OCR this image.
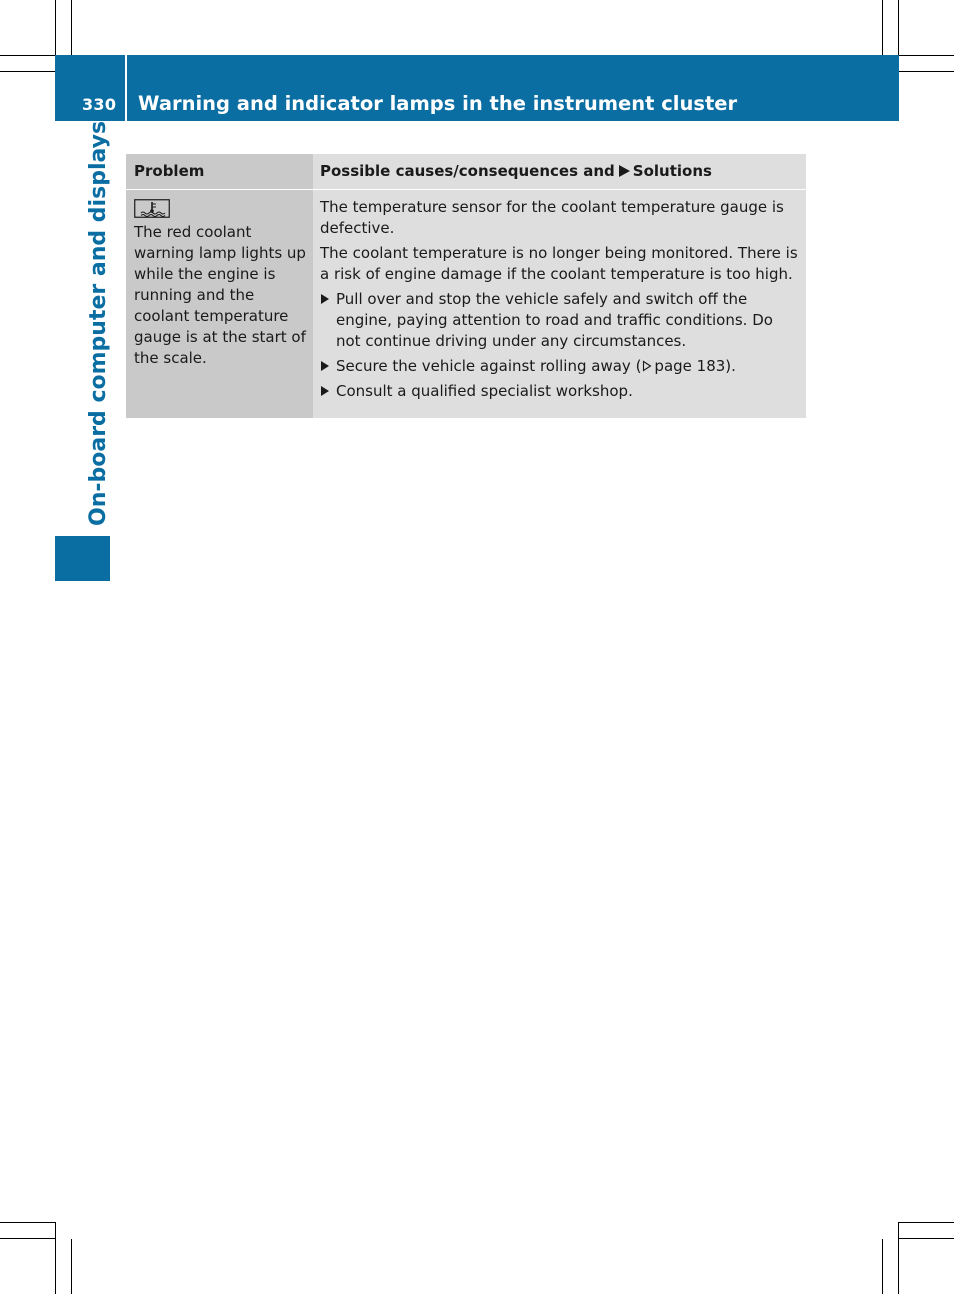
330 Warning and indicator lamps in the instrument cluster
On-board computer and displays	Problem	Possible causes/consequences and Solutions
The red coolant warning lamp lights up while the engine is running and the coolant temperature gauge is at the start of the scale.

The temperature sensor for the coolant temperature gauge is defective.

The coolant temperature is no longer being monitored. There is a risk of engine damage if the coolant temperature is too high.

Pull over and stop the vehicle safely and switch off the engine, paying attention to road and traffic conditions. Do not continue driving under any circumstances.
Secure the vehicle against rolling away ( page 183).
Consult a qualified specialist workshop.
